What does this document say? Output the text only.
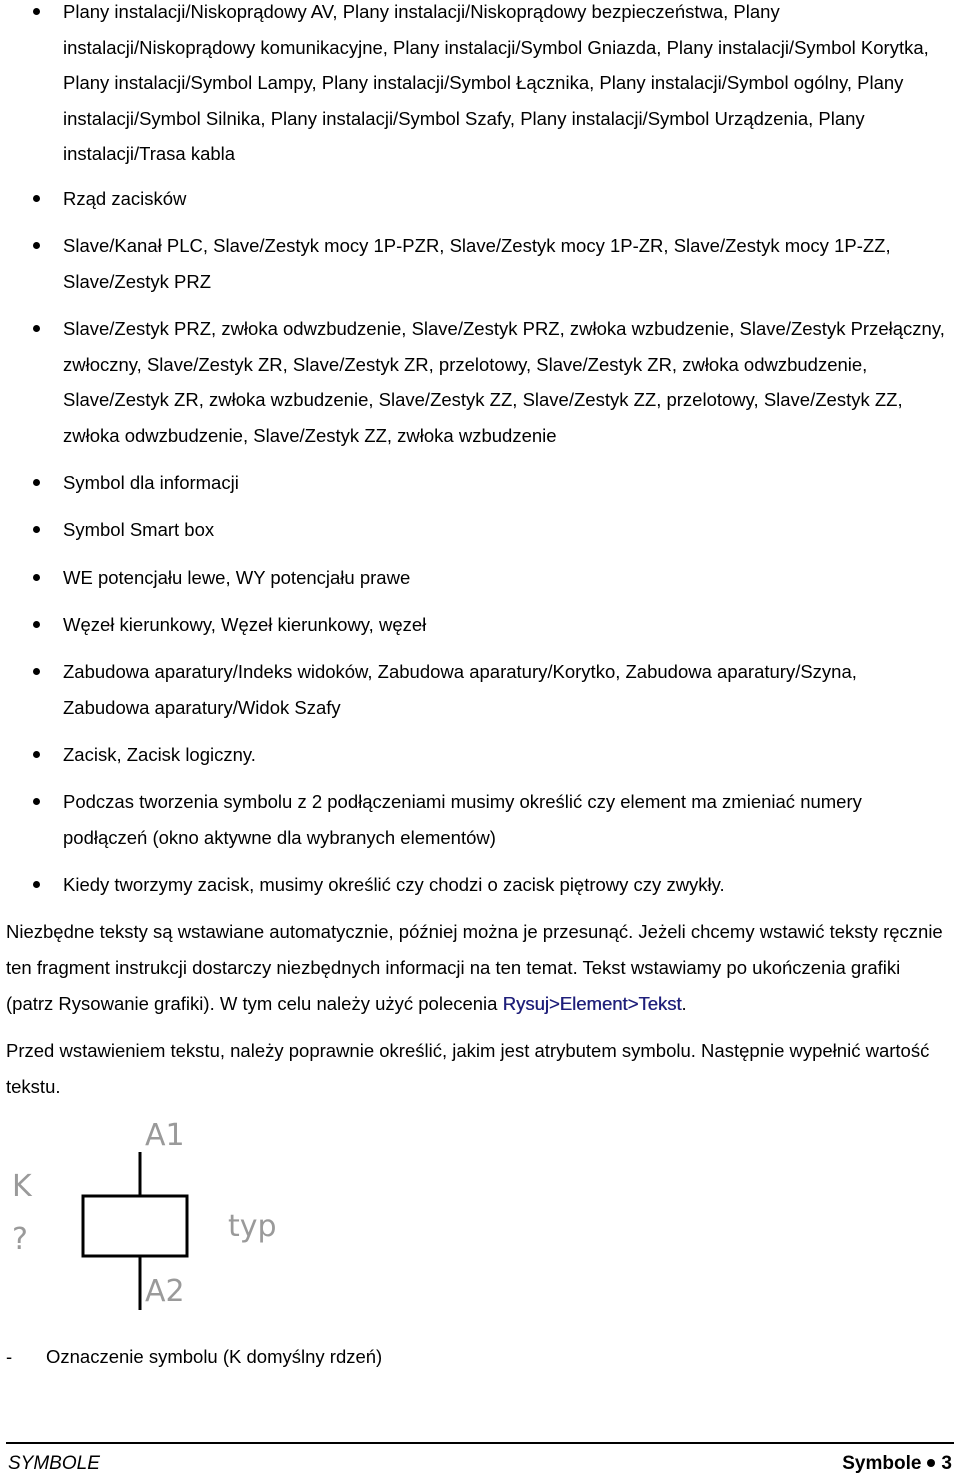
Plany instalacji/Niskoprądowy AV, Plany instalacji/Niskoprądowy bezpieczeństwa, Plany instalacji/Niskoprądowy komunikacyjne, Plany instalacji/Symbol Gniazda, Plany instalacji/Symbol Korytka, Plany instalacji/Symbol Lampy, Plany instalacji/Symbol Łącznika, Plany instalacji/Symbol ogólny, Plany instalacji/Symbol Silnika, Plany instalacji/Symbol Szafy, Plany instalacji/Symbol Urządzenia, Plany instalacji/Trasa kabla
Rząd zacisków
Slave/Kanał PLC, Slave/Zestyk mocy 1P-PZR, Slave/Zestyk mocy 1P-ZR, Slave/Zestyk mocy 1P-ZZ, Slave/Zestyk PRZ
Slave/Zestyk PRZ, zwłoka odwzbudzenie, Slave/Zestyk PRZ, zwłoka wzbudzenie, Slave/Zestyk Przełączny, zwłoczny, Slave/Zestyk ZR, Slave/Zestyk ZR, przelotowy, Slave/Zestyk ZR, zwłoka odwzbudzenie, Slave/Zestyk ZR, zwłoka wzbudzenie, Slave/Zestyk ZZ, Slave/Zestyk ZZ, przelotowy, Slave/Zestyk ZZ, zwłoka odwzbudzenie, Slave/Zestyk ZZ, zwłoka wzbudzenie
Symbol dla informacji
Symbol Smart box
WE potencjału lewe, WY potencjału prawe
Węzeł kierunkowy, Węzeł kierunkowy, węzeł
Zabudowa aparatury/Indeks widoków, Zabudowa aparatury/Korytko, Zabudowa aparatury/Szyna, Zabudowa aparatury/Widok Szafy
Zacisk, Zacisk logiczny.
Podczas tworzenia symbolu z 2 podłączeniami musimy określić czy element ma zmieniać numery podłączeń (okno aktywne dla wybranych elementów)
Kiedy tworzymy zacisk, musimy określić czy chodzi o zacisk piętrowy czy zwykły.

Niezbędne teksty są wstawiane automatycznie, później można je przesunąć. Jeżeli chcemy wstawić teksty ręcznie ten fragment instrukcji dostarczy niezbędnych informacji na ten temat. Tekst wstawiamy po ukończenia grafiki (patrz Rysowanie grafiki). W tym celu należy użyć polecenia Rysuj>Element>Tekst.

Przed wstawieniem tekstu, należy poprawnie określić, jakim jest atrybutem symbolu. Następnie wypełnić wartość tekstu.

A1
A2
K
?	typ
- Oznaczenie symbolu (K domyślny rdzeń)
SYMBOLE	Symbole 3
